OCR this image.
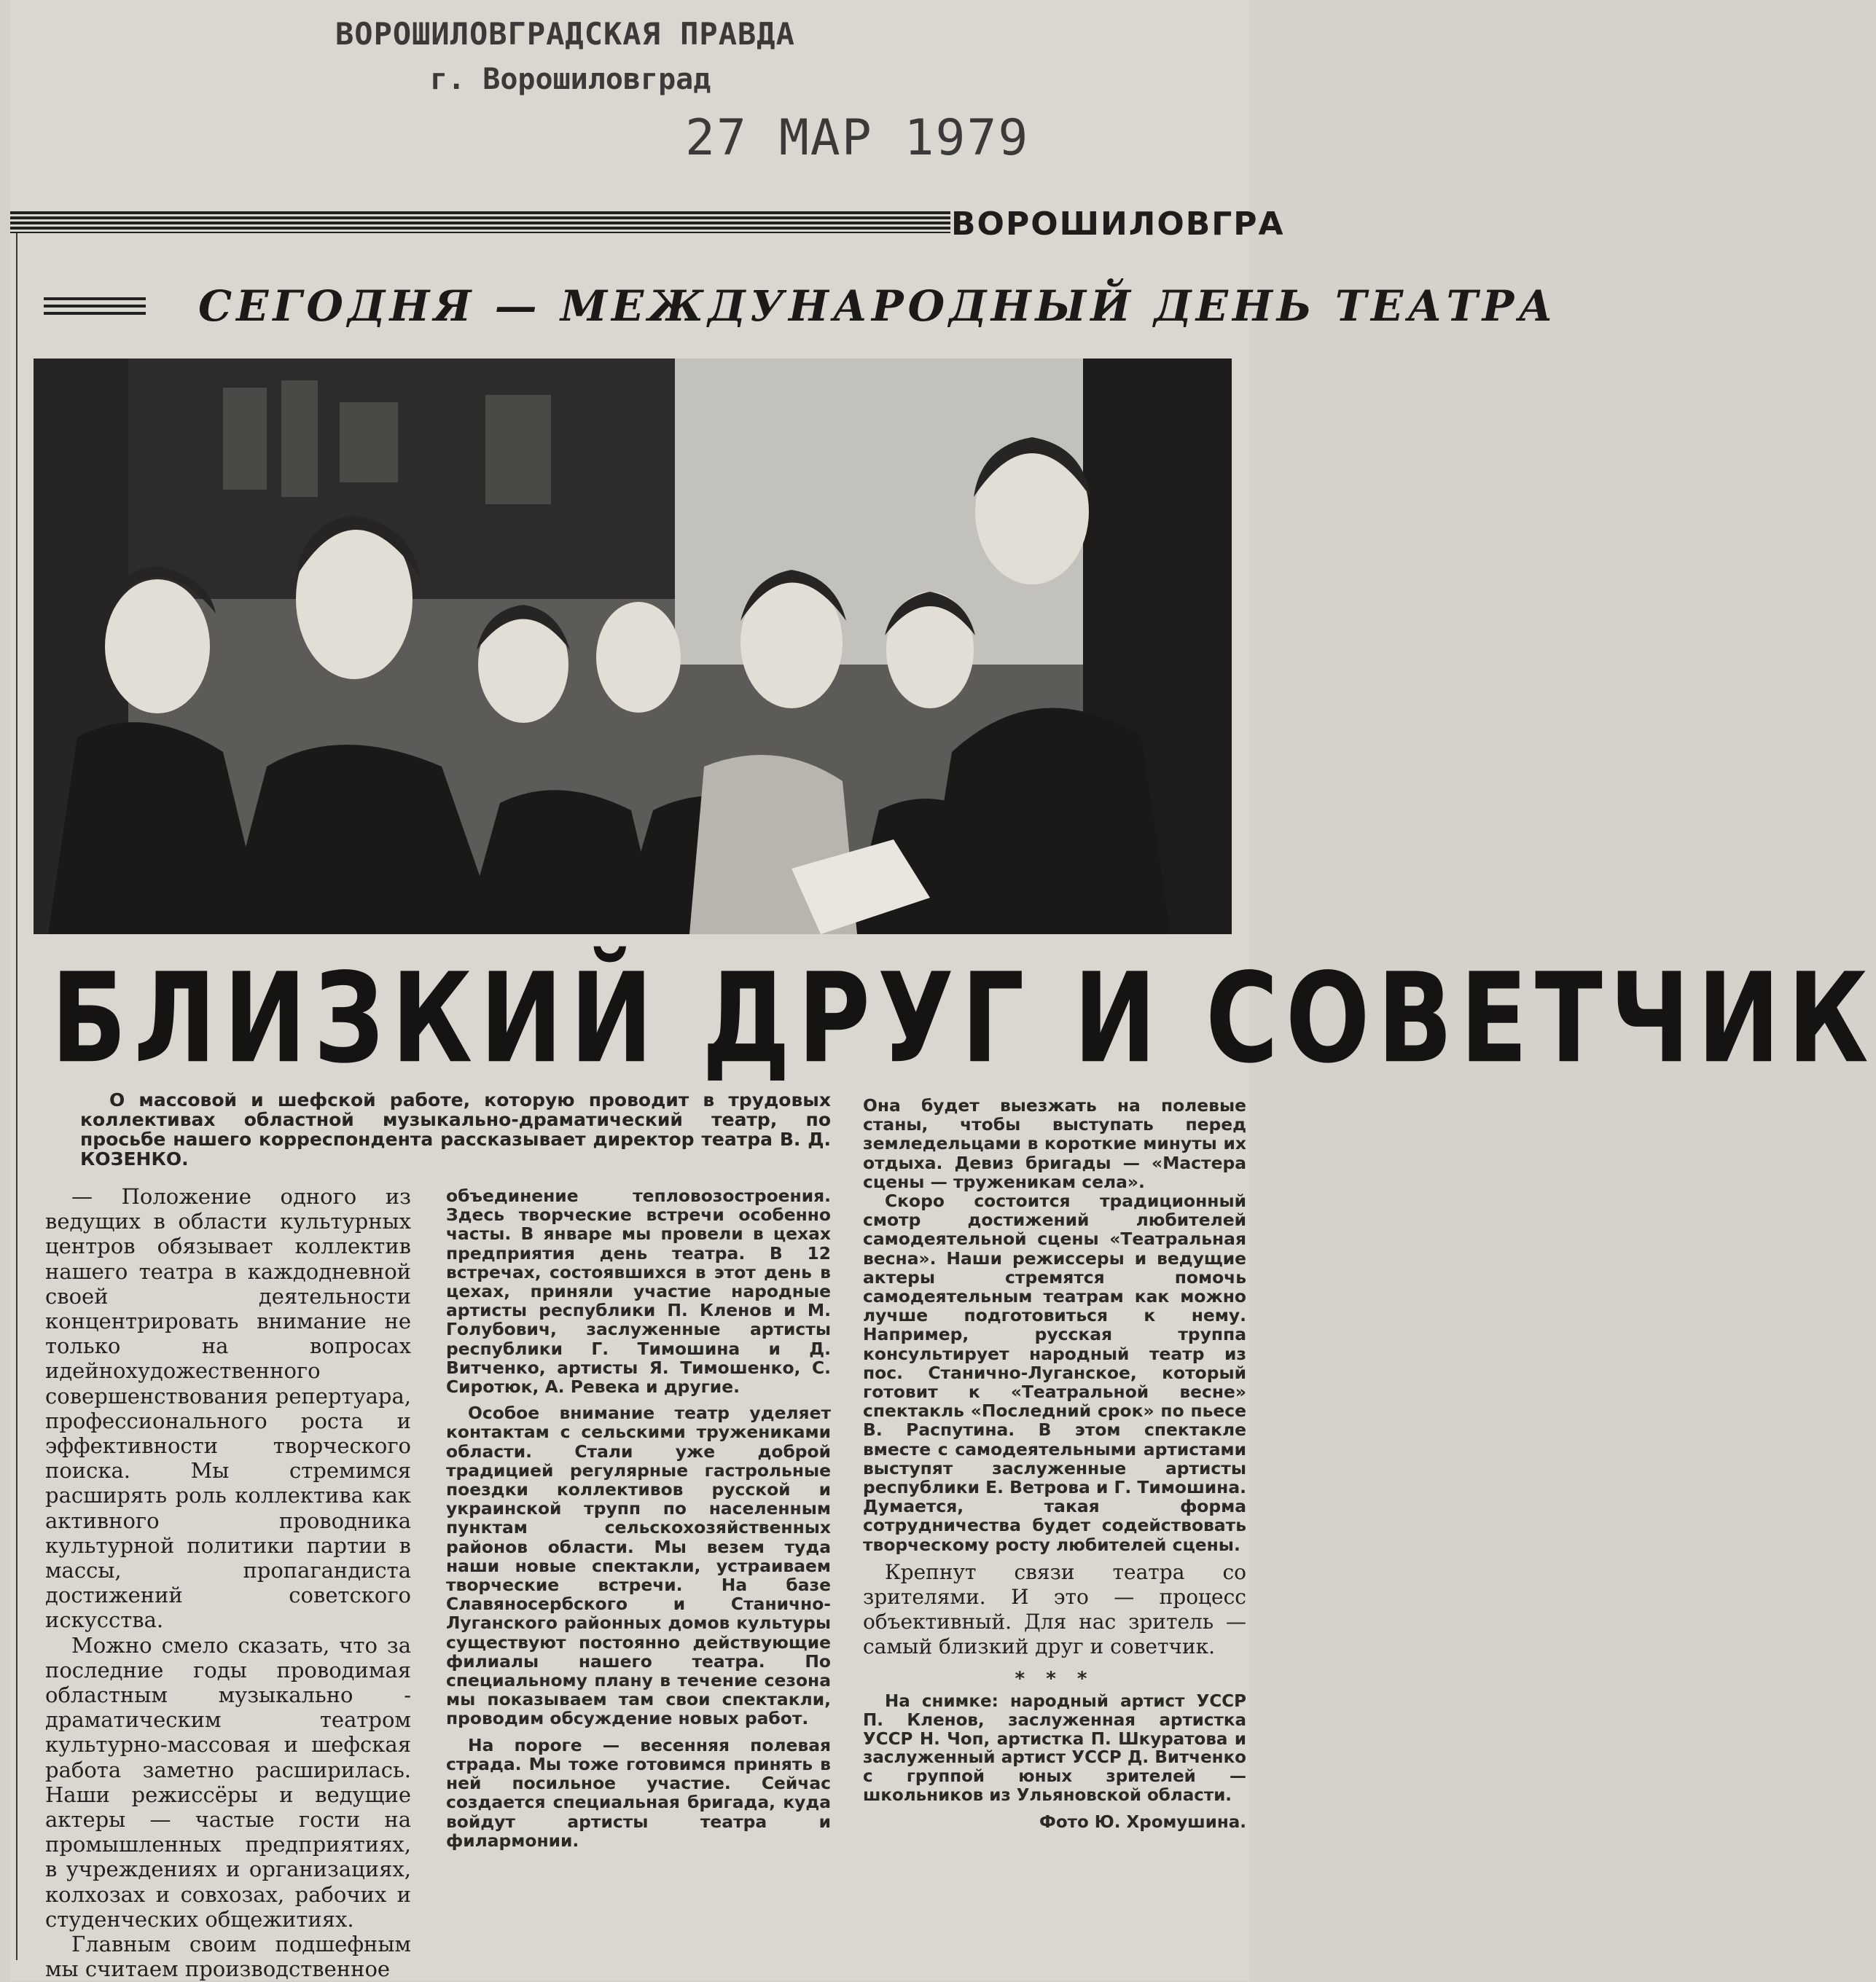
ВОРОШИЛОВГРАДСКАЯ ПРАВДА
г. Ворошиловград
27 МАР 1979
ВОРОШИЛОВГРА
СЕГОДНЯ — МЕЖДУНАРОДНЫЙ ДЕНЬ ТЕАТРА
БЛИЗКИЙ ДРУГ И СОВЕТЧИК
О массовой и шефской работе, которую проводит в трудовых коллективах областной музыкально-драматический театр, по просьбе нашего корреспондента рассказывает директор театра В. Д. КОЗЕНКО.

— Положение одного из ведущих в области культурных центров обязывает коллектив нашего театра в каждодневной своей деятельности концентрировать внимание не только на вопросах идейнохудожественного совершенствования репертуара, профессионального роста и эффективности творческого поиска. Мы стремимся расширять роль коллектива как активного проводника культурной политики партии в массы, пропагандиста достижений советского искусства.

Можно смело сказать, что за последние годы проводимая областным музыкально - драматическим театром культурно-массовая и шефская работа заметно расширилась. Наши режиссёры и ведущие актеры — частые гости на промышленных предприятиях, в учреждениях и организациях, колхозах и совхозах, рабочих и студенческих общежитиях.

Главным своим подшефным мы считаем производственное

объединение тепловозостроения. Здесь творческие встречи особенно часты. В январе мы провели в цехах предприятия день театра. В 12 встречах, состоявшихся в этот день в цехах, приняли участие народные артисты республики П. Кленов и М. Голубович, заслуженные артисты республики Г. Тимошина и Д. Витченко, артисты Я. Тимошенко, С. Сиротюк, А. Ревека и другие.

Особое внимание театр уделяет контактам с сельскими тружениками области. Стали уже доброй традицией регулярные гастрольные поездки коллективов русской и украинской трупп по населенным пунктам сельскохозяйственных районов области. Мы везем туда наши новые спектакли, устраиваем творческие встречи. На базе Славяносербского и Станично-Луганского районных домов культуры существуют постоянно действующие филиалы нашего театра. По специальному плану в течение сезона мы показываем там свои спектакли, проводим обсуждение новых работ.

На пороге — весенняя полевая страда. Мы тоже готовимся принять в ней посильное участие. Сейчас создается специальная бригада, куда войдут артисты театра и филармонии.

Она будет выезжать на полевые станы, чтобы выступать перед земледельцами в короткие минуты их отдыха. Девиз бригады — «Мастера сцены — труженикам села».

Скоро состоится традиционный смотр достижений любителей самодеятельной сцены «Театральная весна». Наши режиссеры и ведущие актеры стремятся помочь самодеятельным театрам как можно лучше подготовиться к нему. Например, русская труппа консультирует народный театр из пос. Станично-Луганское, который готовит к «Театральной весне» спектакль «Последний срок» по пьесе В. Распутина. В этом спектакле вместе с самодеятельными артистами выступят заслуженные артисты республики Е. Ветрова и Г. Тимошина. Думается, такая форма сотрудничества будет содействовать творческому росту любителей сцены.

Крепнут связи театра со зрителями. И это — процесс объективный. Для нас зритель — самый близкий друг и советчик.

* * *

На снимке: народный артист УССР П. Кленов, заслуженная артистка УССР Н. Чоп, артистка П. Шкуратова и заслуженный артист УССР Д. Витченко с группой юных зрителей — школьников из Ульяновской области.

Фото Ю. Хромушина.
